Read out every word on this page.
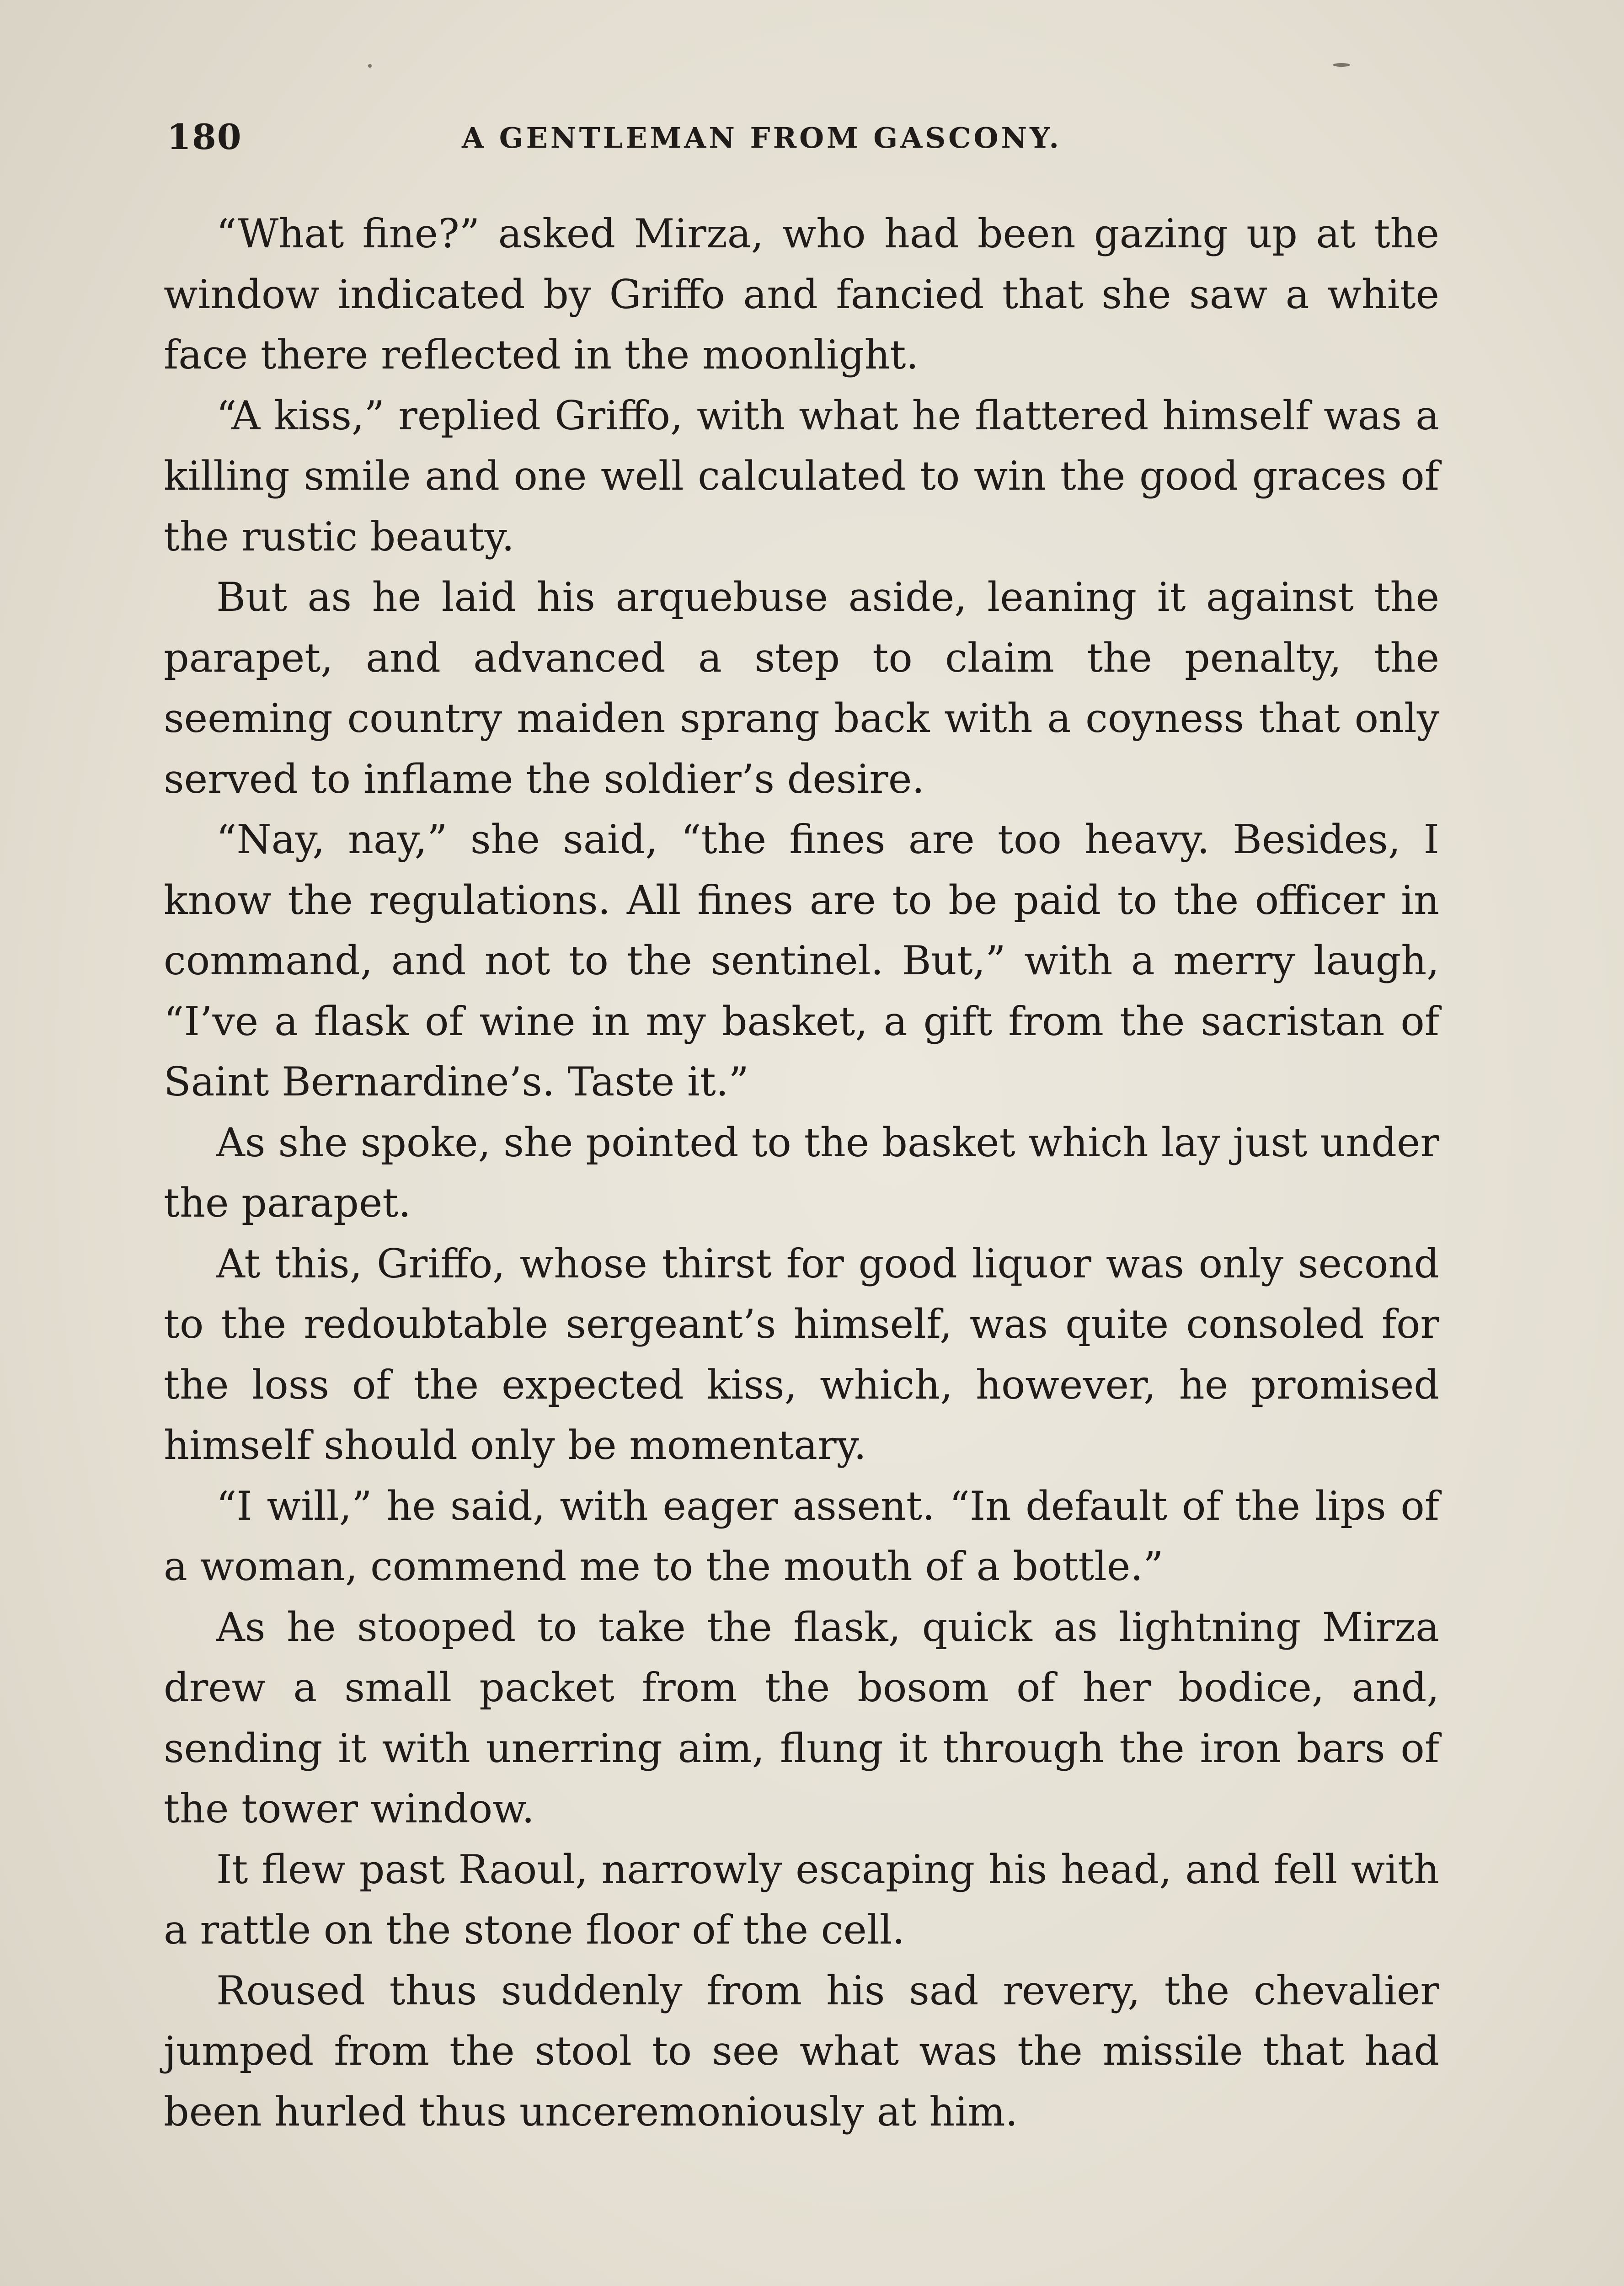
180	A GENTLEMAN FROM GASCONY.

“What fine?” asked Mirza, who had been gazing up at the window indicated by Griffo and fancied that she saw a white face there reflected in the moonlight.

“A kiss,” replied Griffo, with what he flattered himself was a killing smile and one well calculated to win the good graces of the rustic beauty.

But as he laid his arquebuse aside, leaning it against the parapet, and advanced a step to claim the penalty, the seeming country maiden sprang back with a coyness that only served to inflame the soldier’s desire.

“Nay, nay,” she said, “the fines are too heavy. Besides, I know the regulations. All fines are to be paid to the officer in command, and not to the sentinel. But,” with a merry laugh, “I’ve a flask of wine in my basket, a gift from the sacristan of Saint Bernardine’s. Taste it.”

As she spoke, she pointed to the basket which lay just under the parapet.

At this, Griffo, whose thirst for good liquor was only second to the redoubtable sergeant’s himself, was quite consoled for the loss of the expected kiss, which, however, he promised himself should only be momentary.

“I will,” he said, with eager assent. “In default of the lips of a woman, commend me to the mouth of a bottle.”

As he stooped to take the flask, quick as lightning Mirza drew a small packet from the bosom of her bodice, and, sending it with unerring aim, flung it through the iron bars of the tower window.

It flew past Raoul, narrowly escaping his head, and fell with a rattle on the stone floor of the cell.

Roused thus suddenly from his sad revery, the chevalier jumped from the stool to see what was the missile that had been hurled thus unceremoniously at him.
